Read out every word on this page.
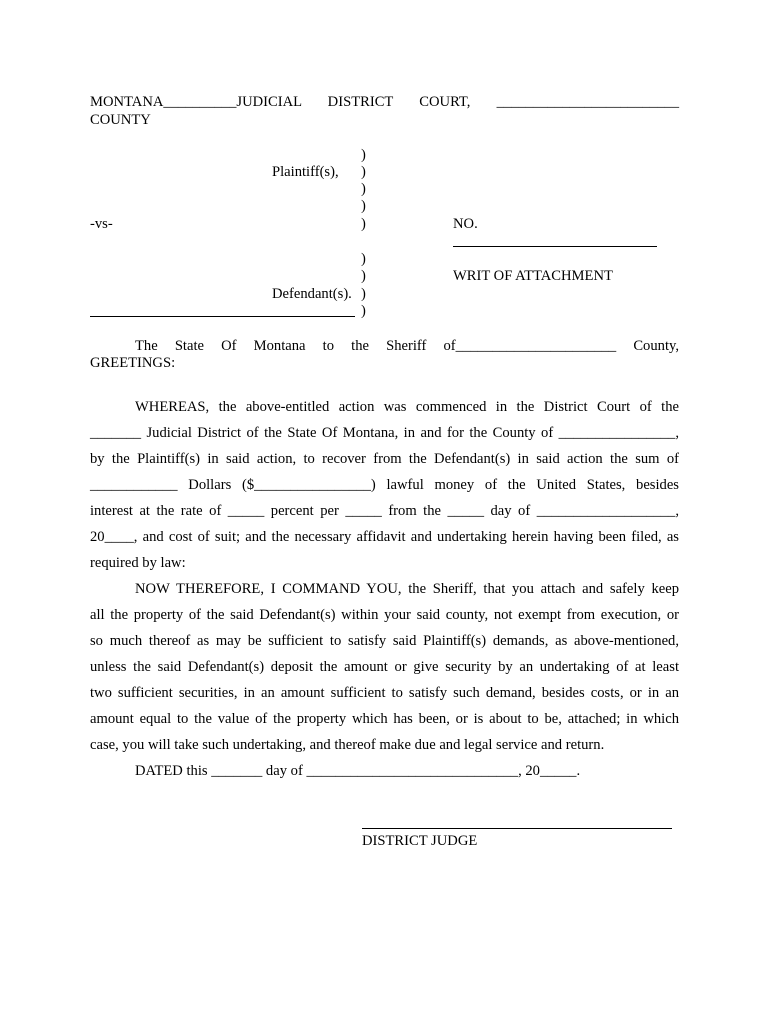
MONTANA__________JUDICIAL DISTRICT COURT, _________________________
COUNTY
)
)
)
)
)
)
)
)
)
Plaintiff(s),
-vs-	NO.
WRIT OF ATTACHMENT
Defendant(s).
The State Of Montana to the Sheriff of______________________ County,
GREETINGS:

WHEREAS, the above-entitled action was commenced in the District Court of the

_______ Judicial District of the State Of Montana, in and for the County of ________________,

by the Plaintiff(s) in said action, to recover from the Defendant(s) in said action the sum of

____________ Dollars ($________________) lawful money of the United States, besides

interest at the rate of _____ percent per _____ from the _____ day of ___________________,

20____, and cost of suit; and the necessary affidavit and undertaking herein having been filed, as

required by law:

NOW THEREFORE, I COMMAND YOU, the Sheriff, that you attach and safely keep

all the property of the said Defendant(s) within your said county, not exempt from execution, or

so much thereof as may be sufficient to satisfy said Plaintiff(s) demands, as above-mentioned,

unless the said Defendant(s) deposit the amount or give security by an undertaking of at least

two sufficient securities, in an amount sufficient to satisfy such demand, besides costs, or in an

amount equal to the value of the property which has been, or is about to be, attached; in which

case, you will take such undertaking, and thereof make due and legal service and return.

DATED this _______ day of _____________________________, 20_____.

DISTRICT JUDGE
